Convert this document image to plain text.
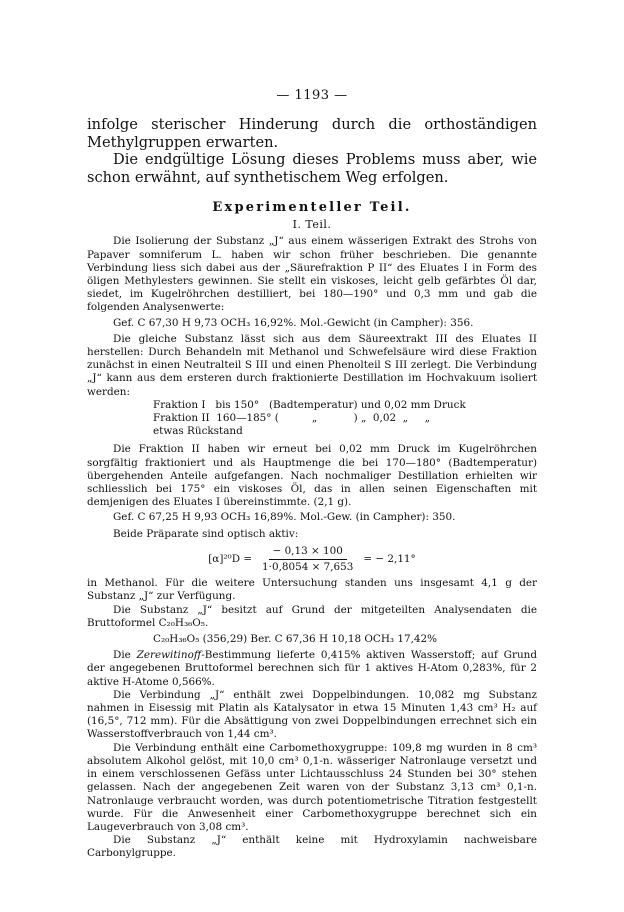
— 1193 —

infolge sterischer Hinderung durch die orthoständigen Methylgruppen erwarten.

Die endgültige Lösung dieses Problems muss aber, wie schon erwähnt, auf synthetischem Weg erfolgen.

Experimenteller Teil.
I. Teil.

Die Isolierung der Substanz „J“ aus einem wässerigen Extrakt des Strohs von Papaver somniferum L. haben wir schon früher beschrieben. Die genannte Verbindung liess sich dabei aus der „Säurefraktion P II“ des Eluates I in Form des öligen Methylesters gewinnen. Sie stellt ein viskoses, leicht gelb gefärbtes Öl dar, siedet, im Kugelröhrchen destilliert, bei 180—190° und 0,3 mm und gab die folgenden Analysenwerte:

Gef. C 67,30 H 9,73 OCH₃ 16,92%. Mol.-Gewicht (in Campher): 356.

Die gleiche Substanz lässt sich aus dem Säureextrakt III des Eluates II herstellen: Durch Behandeln mit Methanol und Schwefelsäure wird diese Fraktion zunächst in einen Neutralteil S III und einen Phenolteil S III zerlegt. Die Verbindung „J“ kann aus dem ersteren durch fraktionierte Destillation im Hochvakuum isoliert werden:

Fraktion I   bis 150°   (Badtemperatur) und 0,02 mm Druck
Fraktion II  160—185° (          „           ) „  0,02  „     „
etwas Rückstand

Die Fraktion II haben wir erneut bei 0,02 mm Druck im Kugelröhrchen sorgfältig fraktioniert und als Hauptmenge die bei 170—180° (Badtemperatur) übergehenden Anteile aufgefangen. Nach nochmaliger Destillation erhielten wir schliesslich bei 175° ein viskoses Öl, das in allen seinen Eigenschaften mit demjenigen des Eluates I übereinstimmte. (2,1 g).

Gef. C 67,25 H 9,93 OCH₃ 16,89%. Mol.-Gew. (in Campher): 350.

Beide Präparate sind optisch aktiv:

$[\alpha]^{20}D = \frac{- 0,13 \times 100}{1\cdot 0,8054 \times 7,653}$ = − 2,11°

in Methanol. Für die weitere Untersuchung standen uns insgesamt 4,1 g der Substanz „J“ zur Verfügung.

Die Substanz „J“ besitzt auf Grund der mitgeteilten Analysendaten die Bruttoformel C₂₀H₃₆O₅.

C₂₀H₃₆O₅ (356,29) Ber. C 67,36 H 10,18 OCH₃ 17,42%

Die Zerewitinoff-Bestimmung lieferte 0,415% aktiven Wasserstoff; auf Grund der angegebenen Bruttoformel berechnen sich für 1 aktives H-Atom 0,283%, für 2 aktive H-Atome 0,566%.

Die Verbindung „J“ enthält zwei Doppelbindungen. 10,082 mg Substanz nahmen in Eisessig mit Platin als Katalysator in etwa 15 Minuten 1,43 cm³ H₂ auf (16,5°, 712 mm). Für die Absättigung von zwei Doppelbindungen errechnet sich ein Wasserstoffverbrauch von 1,44 cm³.

Die Verbindung enthält eine Carbomethoxygruppe: 109,8 mg wurden in 8 cm³ absolutem Alkohol gelöst, mit 10,0 cm³ 0,1-n. wässeriger Natronlauge versetzt und in einem verschlossenen Gefäss unter Lichtausschluss 24 Stunden bei 30° stehen gelassen. Nach der angegebenen Zeit waren von der Substanz 3,13 cm³ 0,1-n. Natronlauge verbraucht worden, was durch potentiometrische Titration festgestellt wurde. Für die Anwesenheit einer Carbomethoxygruppe berechnet sich ein Laugeverbrauch von 3,08 cm³.

Die Substanz „J“ enthält keine mit Hydroxylamin nachweisbare Carbonylgruppe.
